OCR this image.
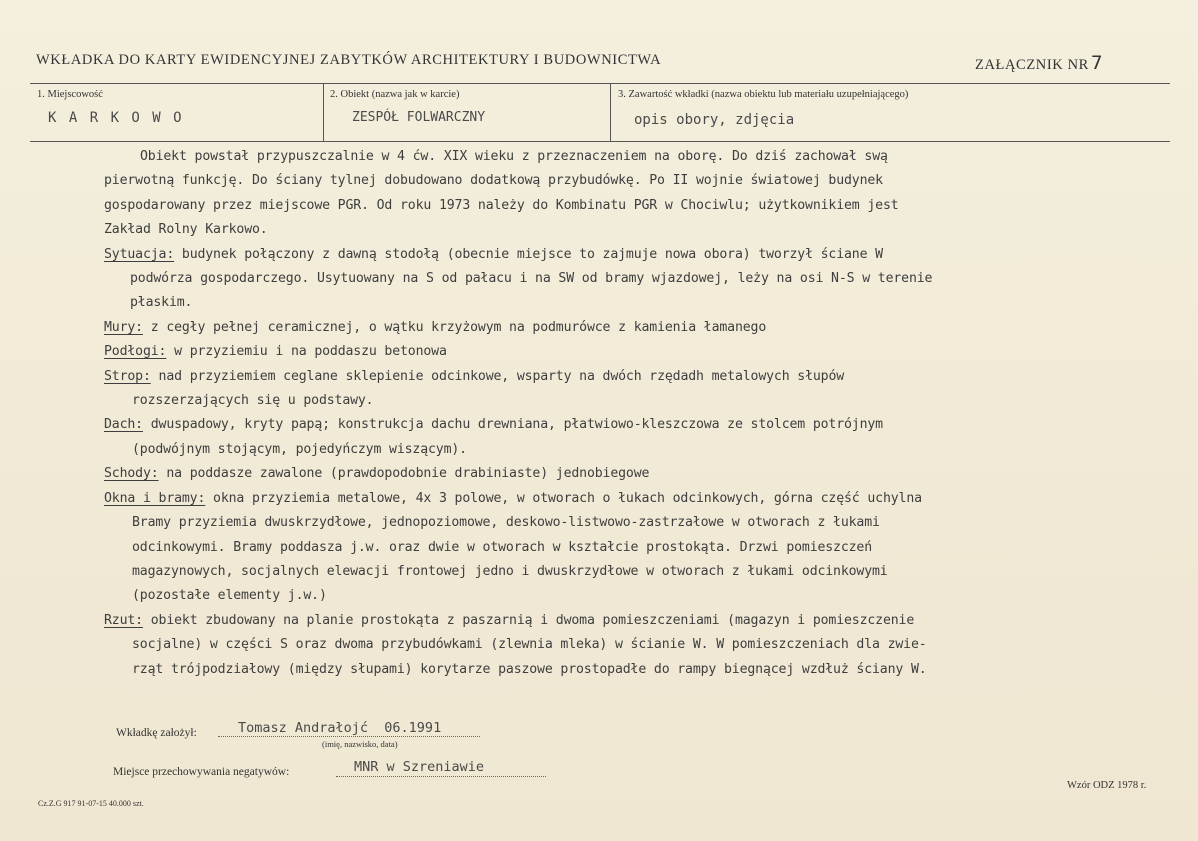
WKŁADKA DO KARTY EWIDENCYJNEJ ZABYTKÓW ARCHITEKTURY I BUDOWNICTWA	ZAŁĄCZNIK NR 7
1. Miejscowość
K A R K O W O
2. Obiekt (nazwa jak w karcie)
ZESPÓŁ FOLWARCZNY
3. Zawartość wkładki (nazwa obiektu lub materiału uzupełniającego)
opis obory, zdjęcia
Obiekt powstał przypuszczalnie w 4 ćw. XIX wieku z przeznaczeniem na oborę. Do dziś zachował swą
pierwotną funkcję. Do ściany tylnej dobudowano dodatkową przybudówkę. Po II wojnie światowej budynek
gospodarowany przez miejscowe PGR. Od roku 1973 należy do Kombinatu PGR w Chociwlu; użytkownikiem jest
Zakład Rolny Karkowo.
Sytuacja: budynek połączony z dawną stodołą (obecnie miejsce to zajmuje nowa obora) tworzył ściane W
podwórza gospodarczego. Usytuowany na S od pałacu i na SW od bramy wjazdowej, leży na osi N-S w terenie
płaskim.
Mury: z cegły pełnej ceramicznej, o wątku krzyżowym na podmurówce z kamienia łamanego
Podłogi: w przyziemiu i na poddaszu betonowa
Strop: nad przyziemiem ceglane sklepienie odcinkowe, wsparty na dwóch rzędadh metalowych słupów
rozszerzających się u podstawy.
Dach: dwuspadowy, kryty papą; konstrukcja dachu drewniana, płatwiowo-kleszczowa ze stolcem potrójnym
(podwójnym stojącym, pojedyńczym wiszącym).
Schody: na poddasze zawalone (prawdopodobnie drabiniaste) jednobiegowe
Okna i bramy: okna przyziemia metalowe, 4x 3 polowe, w otworach o łukach odcinkowych, górna część uchylna
Bramy przyziemia dwuskrzydłowe, jednopoziomowe, deskowo-listwowo-zastrzałowe w otworach z łukami
odcinkowymi. Bramy poddasza j.w. oraz dwie w otworach w kształcie prostokąta. Drzwi pomieszczeń
magazynowych, socjalnych elewacji frontowej jedno i dwuskrzydłowe w otworach z łukami odcinkowymi
(pozostałe elementy j.w.)
Rzut: obiekt zbudowany na planie prostokąta z paszarnią i dwoma pomieszczeniami (magazyn i pomieszczenie
socjalne) w części S oraz dwoma przybudówkami (zlewnia mleka) w ścianie W. W pomieszczeniach dla zwie-
rząt trójpodziałowy (między słupami) korytarze paszowe prostopadłe do rampy biegnącej wzdłuż ściany W.
Wkładkę założył:	Tomasz Andrałojć  06.1991
(imię, nazwisko, data)
Miejsce przechowywania negatywów:	MNR w Szreniawie
Wzór ODZ 1978 r.
Cz.Z.G 917 91-07-15 40.000 szt.
